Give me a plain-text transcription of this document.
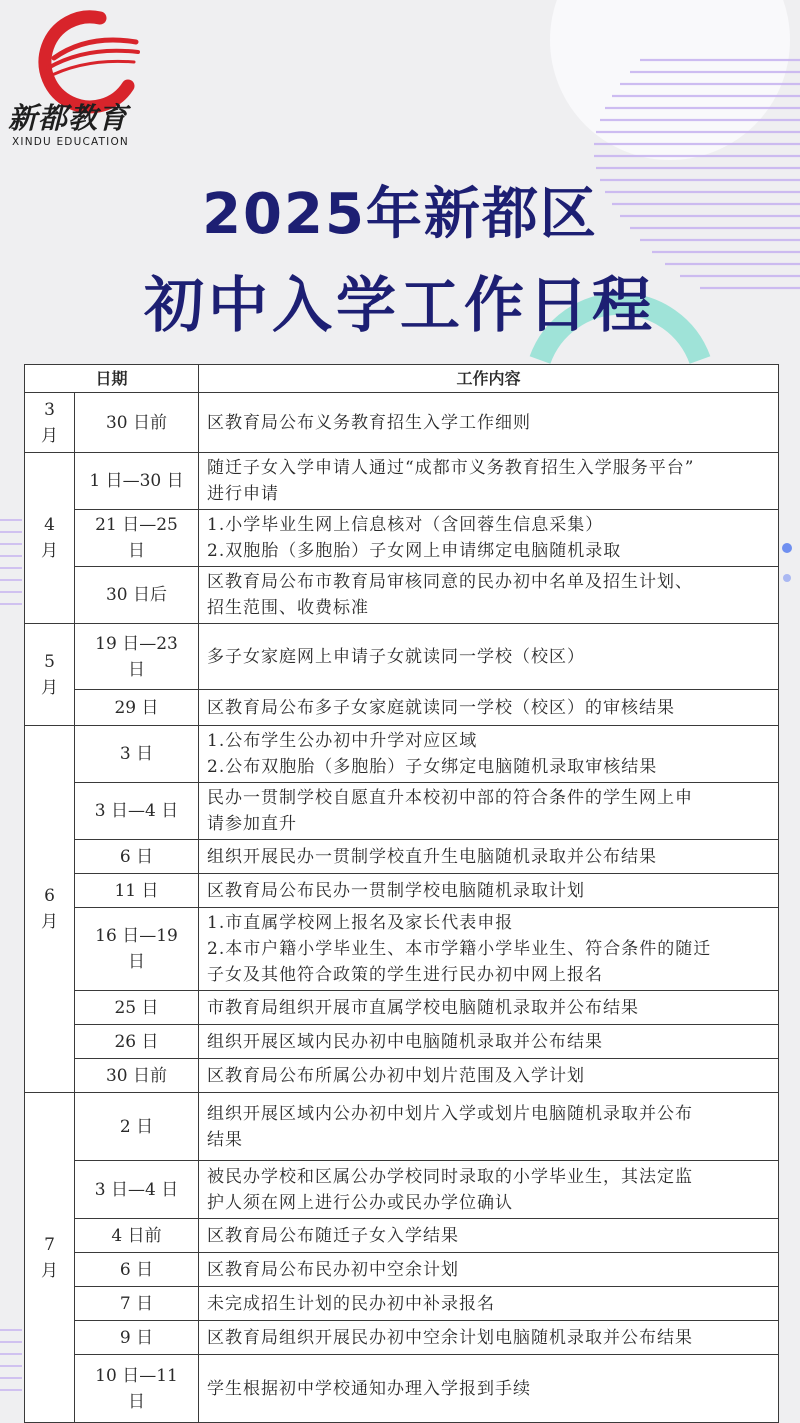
新都教育
XINDU EDUCATION
2025年新都区
初中入学工作日程
日期		工作内容
3
月	30 日前	区教育局公布义务教育招生入学工作细则

4
月	1 日—30 日	随迁子女入学申请人通过“成都市义务教育招生入学服务平台”
进行申请

	21 日—25
日	1.小学毕业生网上信息核对（含回蓉生信息采集）
2.双胞胎（多胞胎）子女网上申请绑定电脑随机录取

	30 日后	区教育局公布市教育局审核同意的民办初中名单及招生计划、
招生范围、收费标准

5
月	19 日—23
日	多子女家庭网上申请子女就读同一学校（校区）

	29 日	区教育局公布多子女家庭就读同一学校（校区）的审核结果

6
月	3 日	1.公布学生公办初中升学对应区域
2.公布双胞胎（多胞胎）子女绑定电脑随机录取审核结果

	3 日—4 日	民办一贯制学校自愿直升本校初中部的符合条件的学生网上申
请参加直升

	6 日	组织开展民办一贯制学校直升生电脑随机录取并公布结果

	11 日	区教育局公布民办一贯制学校电脑随机录取计划

	16 日—19
日	1.市直属学校网上报名及家长代表申报
2.本市户籍小学毕业生、本市学籍小学毕业生、符合条件的随迁
子女及其他符合政策的学生进行民办初中网上报名

	25 日	市教育局组织开展市直属学校电脑随机录取并公布结果

	26 日	组织开展区域内民办初中电脑随机录取并公布结果

	30 日前	区教育局公布所属公办初中划片范围及入学计划

7
月	2 日	组织开展区域内公办初中划片入学或划片电脑随机录取并公布
结果

	3 日—4 日	被民办学校和区属公办学校同时录取的小学毕业生，其法定监
护人须在网上进行公办或民办学位确认

	4 日前	区教育局公布随迁子女入学结果

	6 日	区教育局公布民办初中空余计划

	7 日	未完成招生计划的民办初中补录报名

	9 日	区教育局组织开展民办初中空余计划电脑随机录取并公布结果

	10 日—11
日	学生根据初中学校通知办理入学报到手续
